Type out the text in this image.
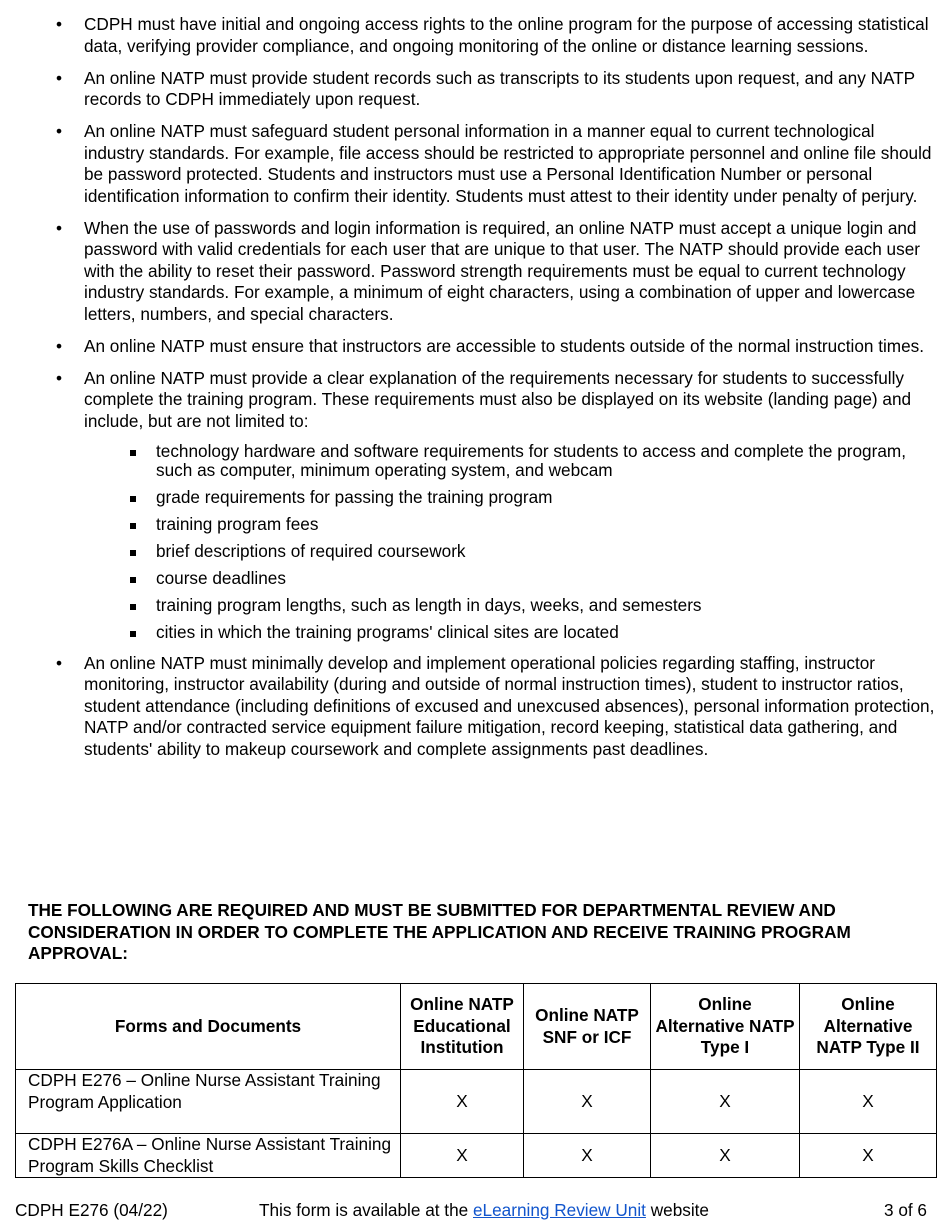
• CDPH must have initial and ongoing access rights to the online program for the purpose of accessing statistical data, verifying provider compliance, and ongoing monitoring of the online or distance learning sessions.
• An online NATP must provide student records such as transcripts to its students upon request, and any NATP records to CDPH immediately upon request.
• An online NATP must safeguard student personal information in a manner equal to current technological industry standards. For example, file access should be restricted to appropriate personnel and online file should be password protected. Students and instructors must use a Personal Identification Number or personal identification information to confirm their identity. Students must attest to their identity under penalty of perjury.
• When the use of passwords and login information is required, an online NATP must accept a unique login and password with valid credentials for each user that are unique to that user. The NATP should provide each user with the ability to reset their password. Password strength requirements must be equal to current technology industry standards. For example, a minimum of eight characters, using a combination of upper and lowercase letters, numbers, and special characters.
• An online NATP must ensure that instructors are accessible to students outside of the normal instruction times.
• An online NATP must provide a clear explanation of the requirements necessary for students to successfully complete the training program. These requirements must also be displayed on its website (landing page) and include, but are not limited to:
technology hardware and software requirements for students to access and complete the program, such as computer, minimum operating system, and webcam
grade requirements for passing the training program
training program fees
brief descriptions of required coursework
course deadlines
training program lengths, such as length in days, weeks, and semesters
cities in which the training programs' clinical sites are located
• An online NATP must minimally develop and implement operational policies regarding staffing, instructor monitoring, instructor availability (during and outside of normal instruction times), student to instructor ratios, student attendance (including definitions of excused and unexcused absences), personal information protection, NATP and/or contracted service equipment failure mitigation, record keeping, statistical data gathering, and students' ability to makeup coursework and complete assignments past deadlines.

THE FOLLOWING ARE REQUIRED AND MUST BE SUBMITTED FOR DEPARTMENTAL REVIEW AND CONSIDERATION IN ORDER TO COMPLETE THE APPLICATION AND RECEIVE TRAINING PROGRAM APPROVAL:

Forms and Documents	Online NATP Educational Institution	Online NATP SNF or ICF	Online Alternative NATP Type I	Online Alternative NATP Type II
CDPH E276 – Online Nurse Assistant Training Program Application	X	X	X	X
CDPH E276A – Online Nurse Assistant Training Program Skills Checklist	X	X	X	X
CDPH E276 (04/22)	This form is available at the eLearning Review Unit website	3 of 6
